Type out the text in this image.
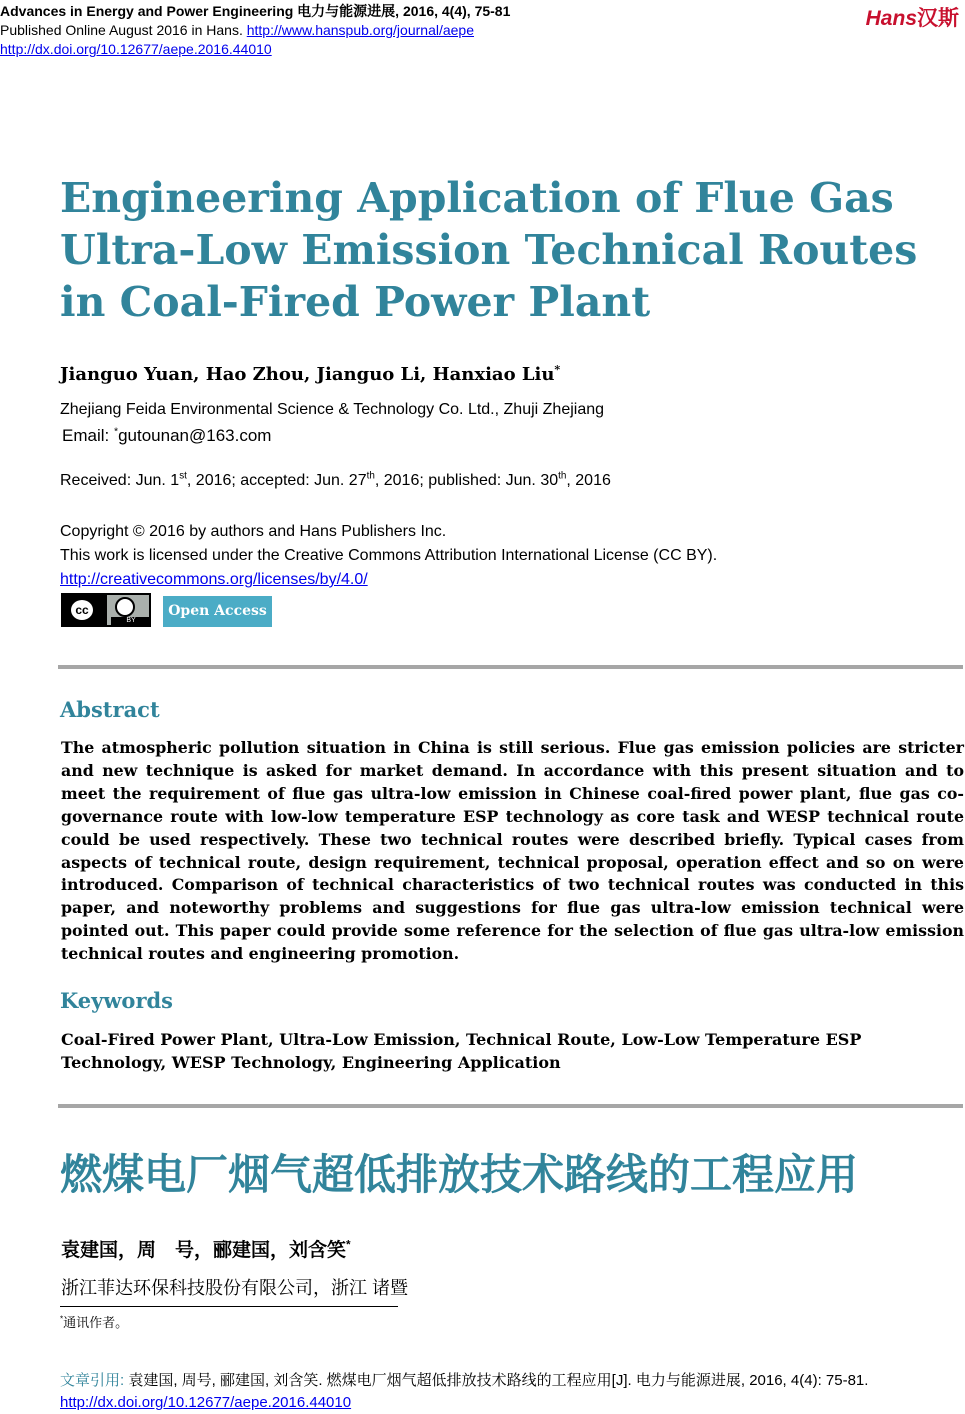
Advances in Energy and Power Engineering 电力与能源进展, 2016, 4(4), 75-81
Published Online August 2016 in Hans. http://www.hanspub.org/journal/aepe
http://dx.doi.org/10.12677/aepe.2016.44010
Hans汉斯
Engineering Application of Flue Gas Ultra-Low Emission Technical Routes in Coal-Fired Power Plant
Jianguo Yuan, Hao Zhou, Jianguo Li, Hanxiao Liu*
Zhejiang Feida Environmental Science & Technology Co. Ltd., Zhuji Zhejiang
Email: *gutounan@163.com
Received: Jun. 1st, 2016; accepted: Jun. 27th, 2016; published: Jun. 30th, 2016
Copyright © 2016 by authors and Hans Publishers Inc.
This work is licensed under the Creative Commons Attribution International License (CC BY).
http://creativecommons.org/licenses/by/4.0/
cc
BY
Open Access
Abstract

The atmospheric pollution situation in China is still serious. Flue gas emission policies are stricter and new technique is asked for market demand. In accordance with this present situation and to meet the requirement of flue gas ultra-low emission in Chinese coal-fired power plant, flue gas co-governance route with low-low temperature ESP technology as core task and WESP technical route could be used respectively. These two technical routes were described briefly. Typical cases from aspects of technical route, design requirement, technical proposal, operation effect and so on were introduced. Comparison of technical characteristics of two technical routes was conducted in this paper, and noteworthy problems and suggestions for flue gas ultra-low emission technical were pointed out. This paper could provide some reference for the selection of flue gas ultra-low emission technical routes and engineering promotion.

Keywords

Coal-Fired Power Plant, Ultra-Low Emission, Technical Route, Low-Low Temperature ESP Technology, WESP Technology, Engineering Application

燃煤电厂烟气超低排放技术路线的工程应用
袁建国，周　号，郦建国，刘含笑*
浙江菲达环保科技股份有限公司，浙江 诸暨
*通讯作者。
文章引用: 袁建国, 周号, 郦建国, 刘含笑. 燃煤电厂烟气超低排放技术路线的工程应用[J]. 电力与能源进展, 2016, 4(4): 75-81. http://dx.doi.org/10.12677/aepe.2016.44010
